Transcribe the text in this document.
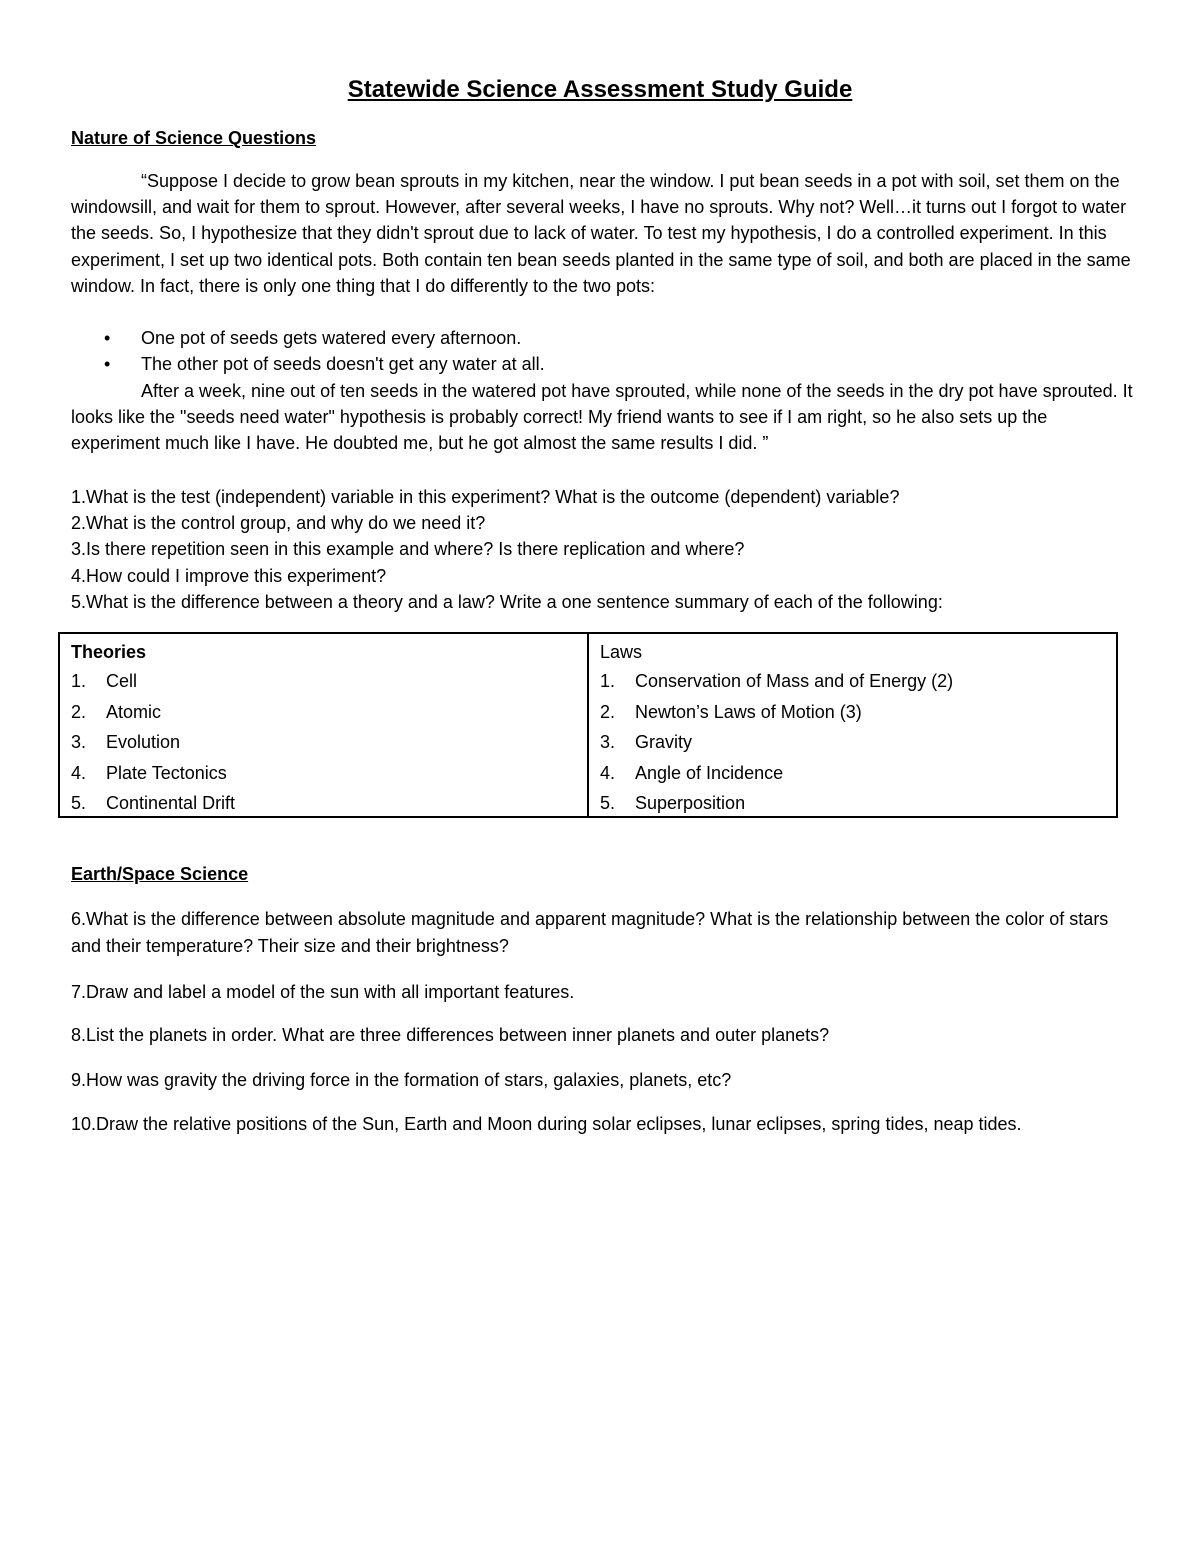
Statewide Science Assessment Study Guide
Nature of Science Questions
“Suppose I decide to grow bean sprouts in my kitchen, near the window. I put bean seeds in a pot with soil, set them on the windowsill, and wait for them to sprout. However, after several weeks, I have no sprouts. Why not? Well…it turns out I forgot to water the seeds. So, I hypothesize that they didn't sprout due to lack of water. To test my hypothesis, I do a controlled experiment. In this experiment, I set up two identical pots. Both contain ten bean seeds planted in the same type of soil, and both are placed in the same window. In fact, there is only one thing that I do differently to the two pots:
• One pot of seeds gets watered every afternoon.
• The other pot of seeds doesn't get any water at all.
After a week, nine out of ten seeds in the watered pot have sprouted, while none of the seeds in the dry pot have sprouted. It looks like the "seeds need water" hypothesis is probably correct! My friend wants to see if I am right, so he also sets up the experiment much like I have. He doubted me, but he got almost the same results I did. ”
1.What is the test (independent) variable in this experiment? What is the outcome (dependent) variable?
2.What is the control group, and why do we need it?
3.Is there repetition seen in this example and where? Is there replication and where?
4.How could I improve this experiment?
5.What is the difference between a theory and a law? Write a one sentence summary of each of the following:
Theories
1.	Cell
2.	Atomic
3.	Evolution
4.	Plate Tectonics
5.	Continental Drift
Laws
1.	Conservation of Mass and of Energy (2)
2.	Newton’s Laws of Motion (3)
3.	Gravity
4.	Angle of Incidence
5.	Superposition
Earth/Space Science
6.What is the difference between absolute magnitude and apparent magnitude? What is the relationship between the color of stars and their temperature? Their size and their brightness?
7.Draw and label a model of the sun with all important features.
8.List the planets in order. What are three differences between inner planets and outer planets?
9.How was gravity the driving force in the formation of stars, galaxies, planets, etc?
10.Draw the relative positions of the Sun, Earth and Moon during solar eclipses, lunar eclipses, spring tides, neap tides.
